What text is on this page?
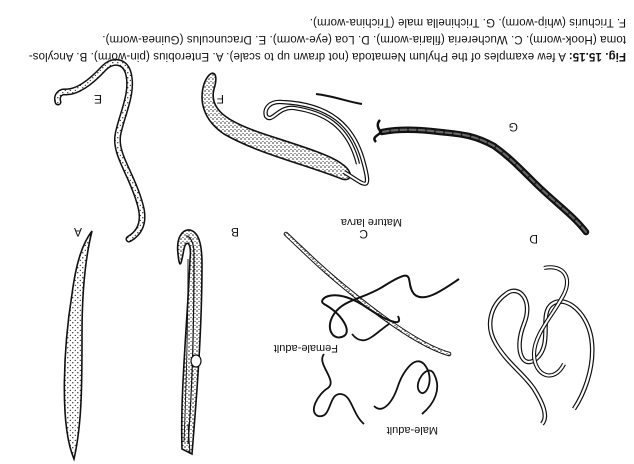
A	B	C	D
E	F
G
Mature larva
Female-adult
Male-adult
Fig. 15.15: A few examples of the Phylum Nematoda (not drawn up to scale). A. Enterobius (pin-worm). B. Ancylos-
toma (Hook-worm). C. Wuchereria (filaria-worm). D. Loa (eye-worm). E. Dracunculus (Guinea-worm).
F. Trichuris (whip-worm). G. Trichinella male (Trichina-worm).
